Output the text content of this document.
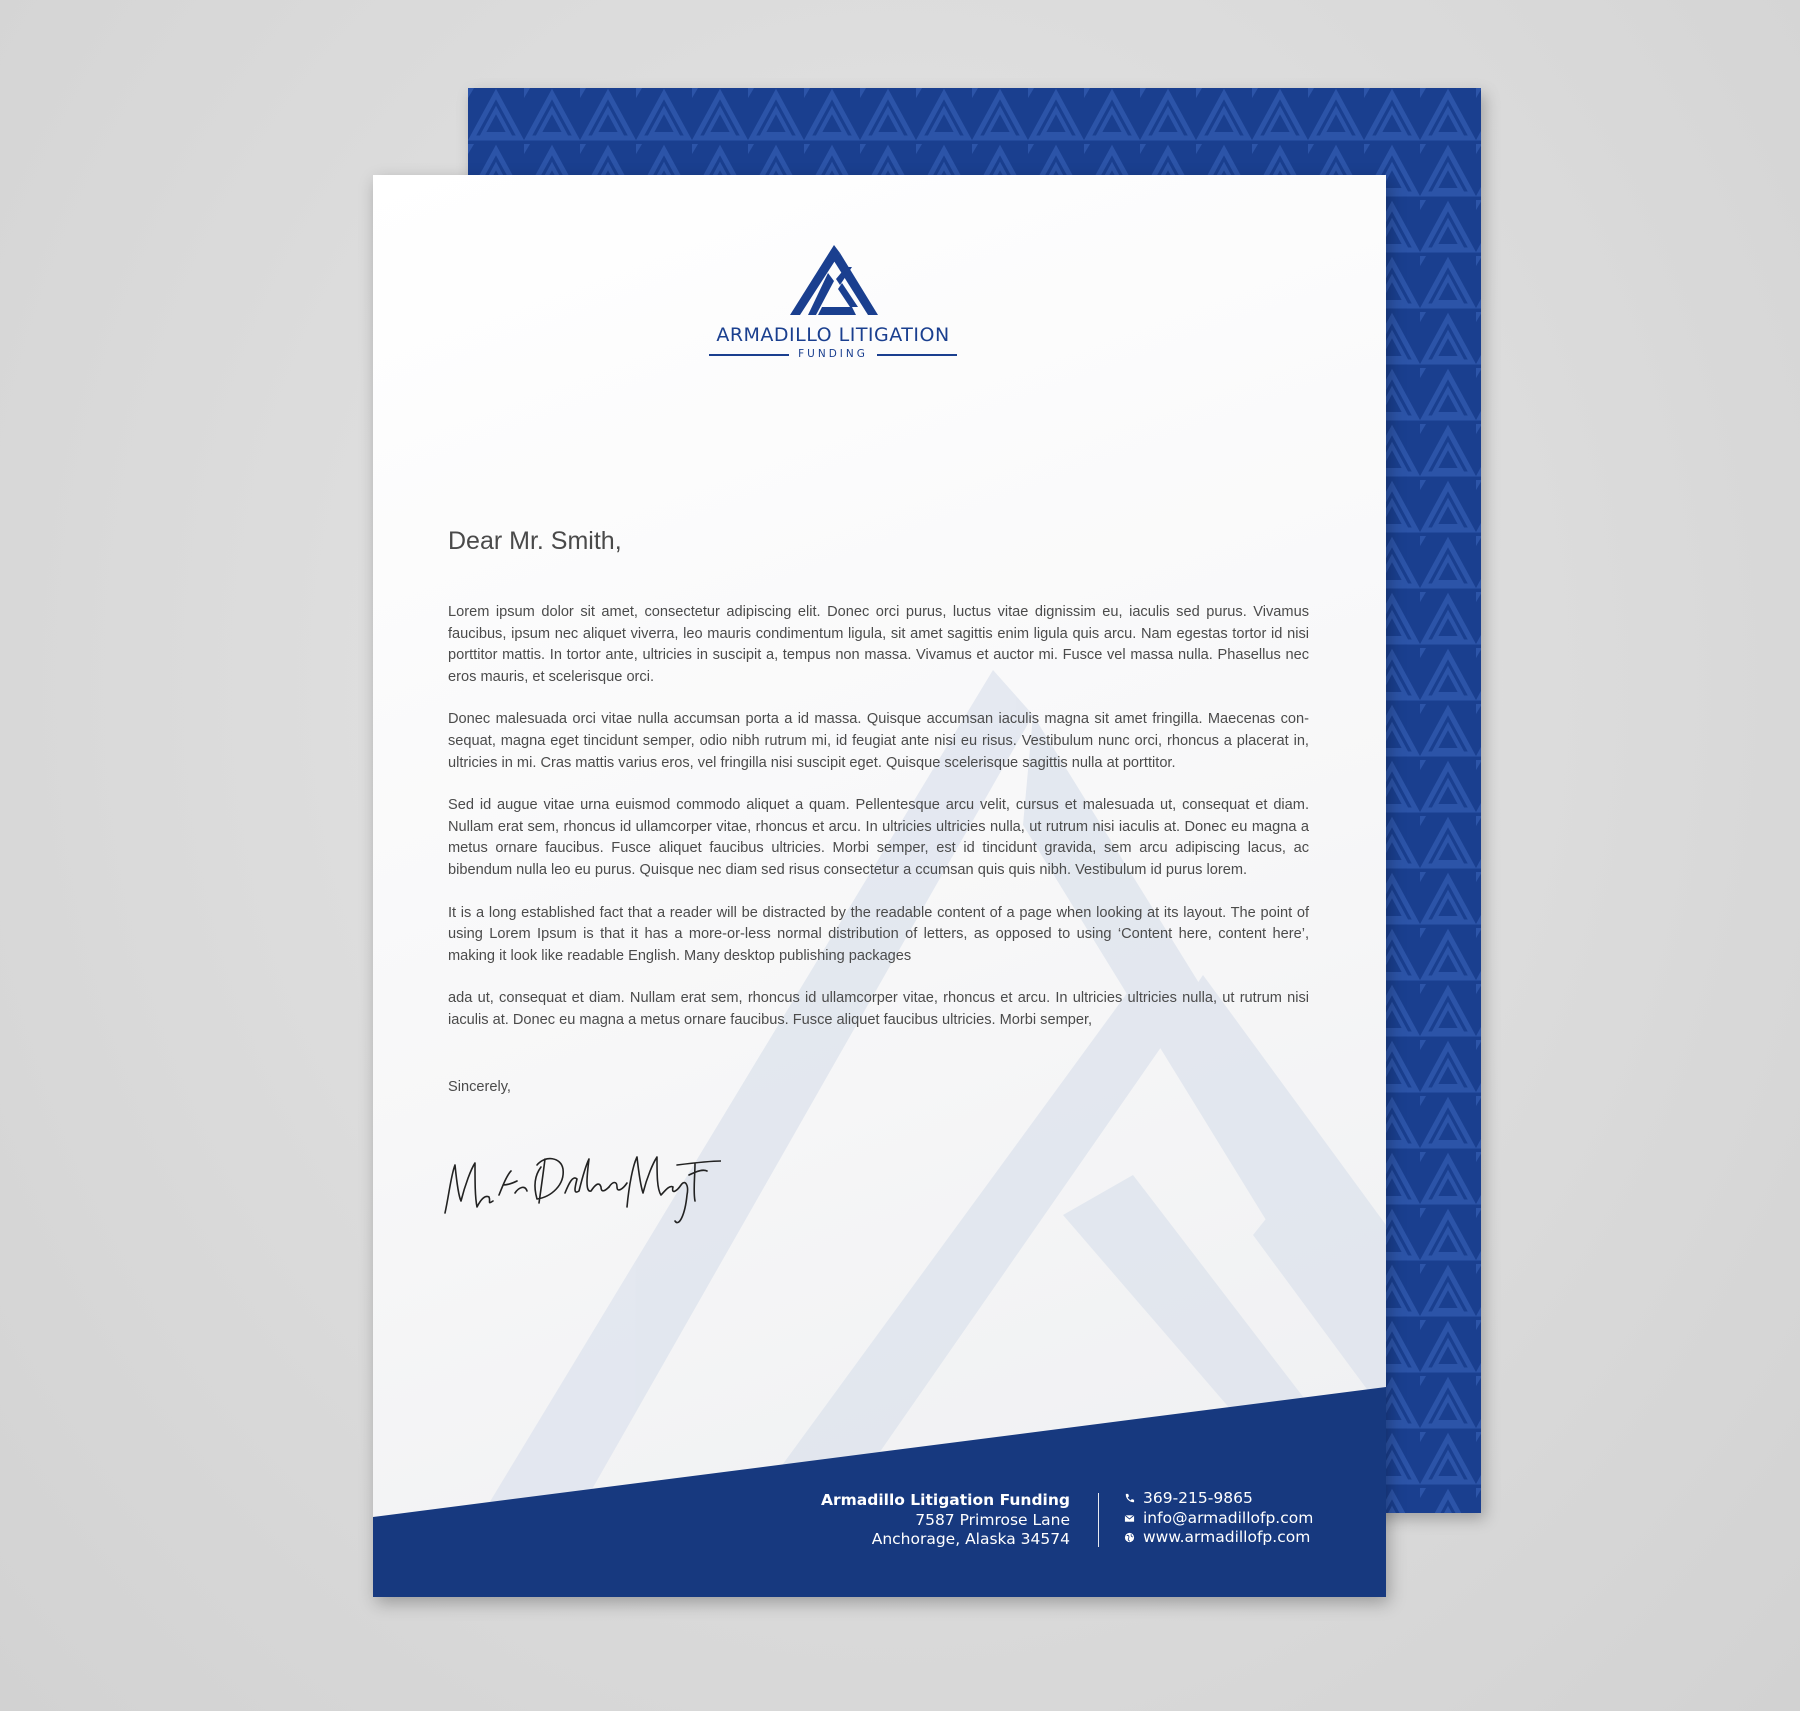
ARMADILLO LITIGATION
FUNDING
Dear Mr. Smith,

Lorem ipsum dolor sit amet, consectetur adipiscing elit. Donec orci purus, luctus vitae dignissim eu, iaculis sed purus. Vivamus faucibus, ipsum nec aliquet viverra, leo mauris condimentum ligula, sit amet sagittis enim ligula quis arcu. Nam egestas tortor id nisi porttitor mattis. In tortor ante, ultricies in suscipit a, tempus non massa. Vivamus et auctor mi. Fusce vel massa nulla. Phasellus nec eros mauris, et scelerisque orci.

Donec malesuada orci vitae nulla accumsan porta a id massa. Quisque accumsan iaculis magna sit amet fringilla. Maecenas con-sequat, magna eget tincidunt semper, odio nibh rutrum mi, id feugiat ante nisi eu risus. Vestibulum nunc orci, rhoncus a placerat in, ultricies in mi. Cras mattis varius eros, vel fringilla nisi suscipit eget. Quisque scelerisque sagittis nulla at porttitor.

Sed id augue vitae urna euismod commodo aliquet a quam. Pellentesque arcu velit, cursus et malesuada ut, consequat et diam. Nullam erat sem, rhoncus id ullamcorper vitae, rhoncus et arcu. In ultricies ultricies nulla, ut rutrum nisi iaculis at. Donec eu magna a metus ornare faucibus. Fusce aliquet faucibus ultricies. Morbi semper, est id tincidunt gravida, sem arcu adipiscing lacus, ac bibendum nulla leo eu purus. Quisque nec diam sed risus consectetur a ccumsan quis quis nibh. Vestibulum id purus lorem.

It is a long established fact that a reader will be distracted by the readable content of a page when looking at its layout. The point of using Lorem Ipsum is that it has a more-or-less normal distribution of letters, as opposed to using ‘Content here, content here’, making it look like readable English. Many desktop publishing packages

ada ut, consequat et diam. Nullam erat sem, rhoncus id ullamcorper vitae, rhoncus et arcu. In ultricies ultricies nulla, ut rutrum nisi iaculis at. Donec eu magna a metus ornare faucibus. Fusce aliquet faucibus ultricies. Morbi semper,

Sincerely,
Armadillo Litigation Funding
7587 Primrose Lane
Anchorage, Alaska 34574
369-215-9865
info@armadillofp.com
www.armadillofp.com
